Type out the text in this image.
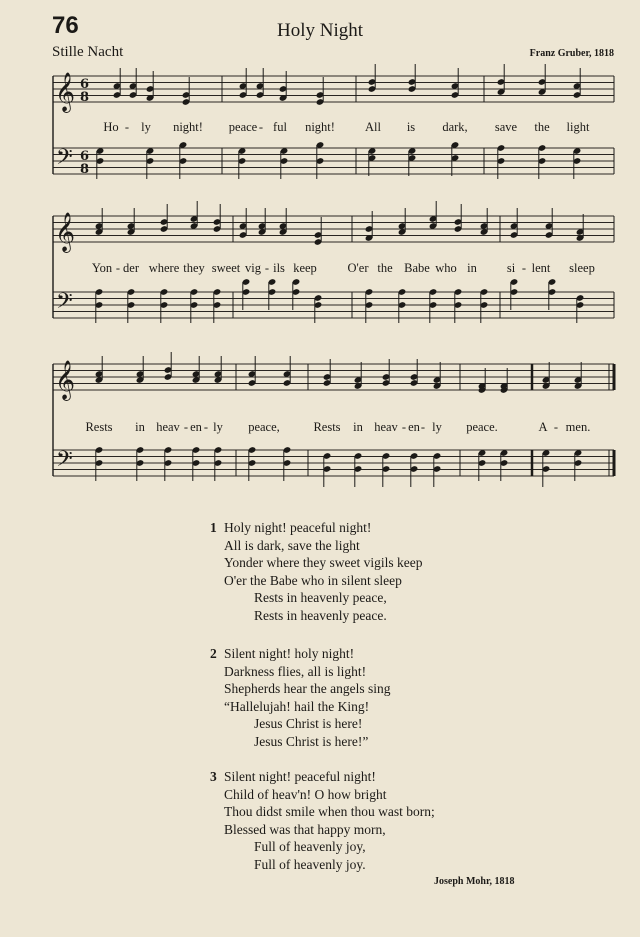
76	Holy Night
Stille Nacht	Franz Gruber, 1818
𝄞
𝄢
6
8
6
8
Ho - ly night! peace - ful night! All is dark, save the light
𝄞
𝄢
Yon - der where they sweet vig - ils keep O'er the Babe who in si - lent sleep
𝄞
𝄢
Rests in heav - en - ly peace,	Rests in heav - en - ly peace.	A - men.
1 Holy night! peaceful night!
All is dark, save the light
Yonder where they sweet vigils keep
O'er the Babe who in silent sleep
Rests in heavenly peace,
Rests in heavenly peace.
2 Silent night! holy night!
Darkness flies, all is light!
Shepherds hear the angels sing
“Hallelujah! hail the King!
Jesus Christ is here!
Jesus Christ is here!”
3 Silent night! peaceful night!
Child of heav'n! O how bright
Thou didst smile when thou wast born;
Blessed was that happy morn,
Full of heavenly joy,
Full of heavenly joy.
Joseph Mohr, 1818
